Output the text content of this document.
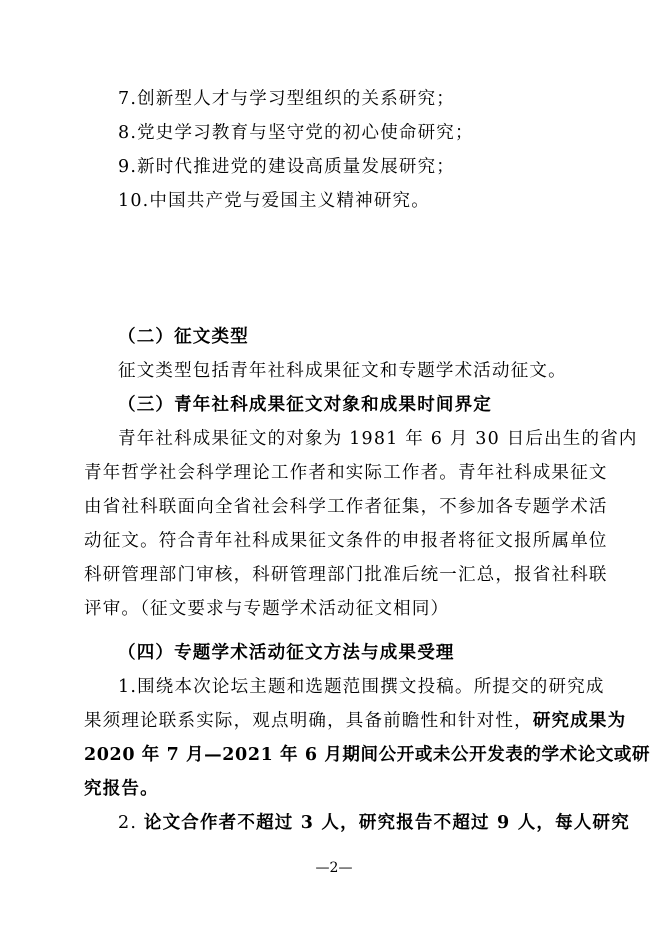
7.创新型人才与学习型组织的关系研究；
8.党史学习教育与坚守党的初心使命研究；
9.新时代推进党的建设高质量发展研究；
10.中国共产党与爱国主义精神研究。
（二）征文类型
征文类型包括青年社科成果征文和专题学术活动征文。
（三）青年社科成果征文对象和成果时间界定
青年社科成果征文的对象为 1981 年 6 月 30 日后出生的省内
青年哲学社会科学理论工作者和实际工作者。青年社科成果征文
由省社科联面向全省社会科学工作者征集，不参加各专题学术活
动征文。符合青年社科成果征文条件的申报者将征文报所属单位
科研管理部门审核，科研管理部门批准后统一汇总，报省社科联
评审。（征文要求与专题学术活动征文相同）
（四）专题学术活动征文方法与成果受理
1.围绕本次论坛主题和选题范围撰文投稿。所提交的研究成
果须理论联系实际，观点明确，具备前瞻性和针对性，研究成果为
2020 年 7 月—2021 年 6 月期间公开或未公开发表的学术论文或研
究报告。
2. 论文合作者不超过 3 人，研究报告不超过 9 人，每人研究
—2—
